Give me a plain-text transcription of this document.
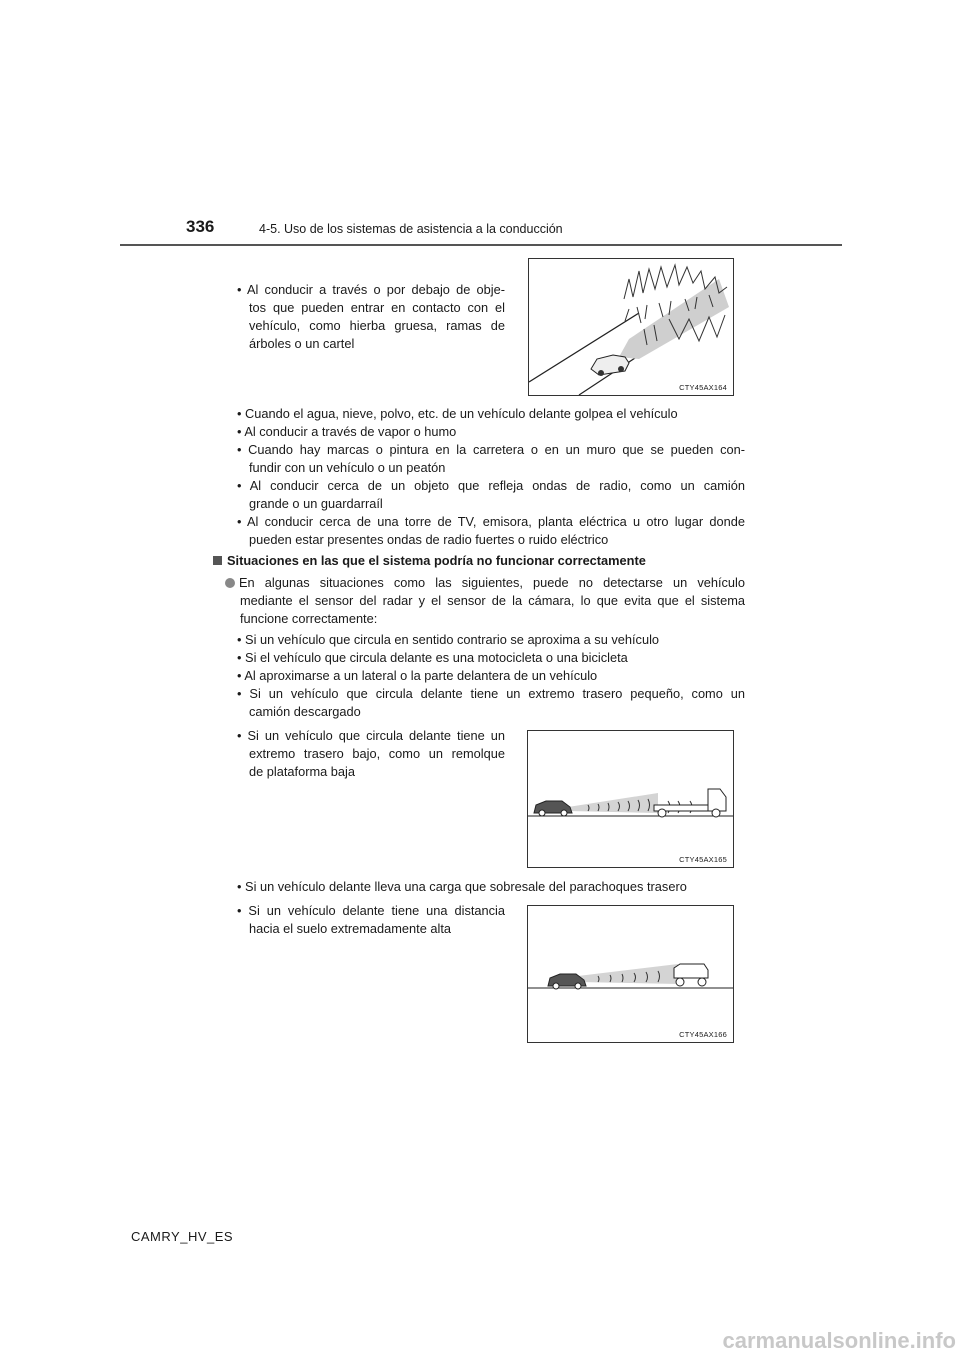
336	4-5. Uso de los sistemas de asistencia a la conducción
• Al conducir a través o por debajo de obje-
tos que pueden entrar en contacto con el
vehículo, como hierba gruesa, ramas de
árboles o un cartel
CTY45AX164
• Cuando el agua, nieve, polvo, etc. de un vehículo delante golpea el vehículo
• Al conducir a través de vapor o humo
• Cuando hay marcas o pintura en la carretera o en un muro que se pueden con-
fundir con un vehículo o un peatón
• Al conducir cerca de un objeto que refleja ondas de radio, como un camión
grande o un guardarraíl
• Al conducir cerca de una torre de TV, emisora, planta eléctrica u otro lugar donde
pueden estar presentes ondas de radio fuertes o ruido eléctrico
Situaciones en las que el sistema podría no funcionar correctamente
En algunas situaciones como las siguientes, puede no detectarse un vehículo
mediante el sensor del radar y el sensor de la cámara, lo que evita que el sistema
funcione correctamente:
• Si un vehículo que circula en sentido contrario se aproxima a su vehículo
• Si el vehículo que circula delante es una motocicleta o una bicicleta
• Al aproximarse a un lateral o la parte delantera de un vehículo
• Si un vehículo que circula delante tiene un extremo trasero pequeño, como un
camión descargado
• Si un vehículo que circula delante tiene un
extremo trasero bajo, como un remolque
de plataforma baja
CTY45AX165
• Si un vehículo delante lleva una carga que sobresale del parachoques trasero
• Si un vehículo delante tiene una distancia
hacia el suelo extremadamente alta
CTY45AX166
CAMRY_HV_ES
carmanualsonline.info
